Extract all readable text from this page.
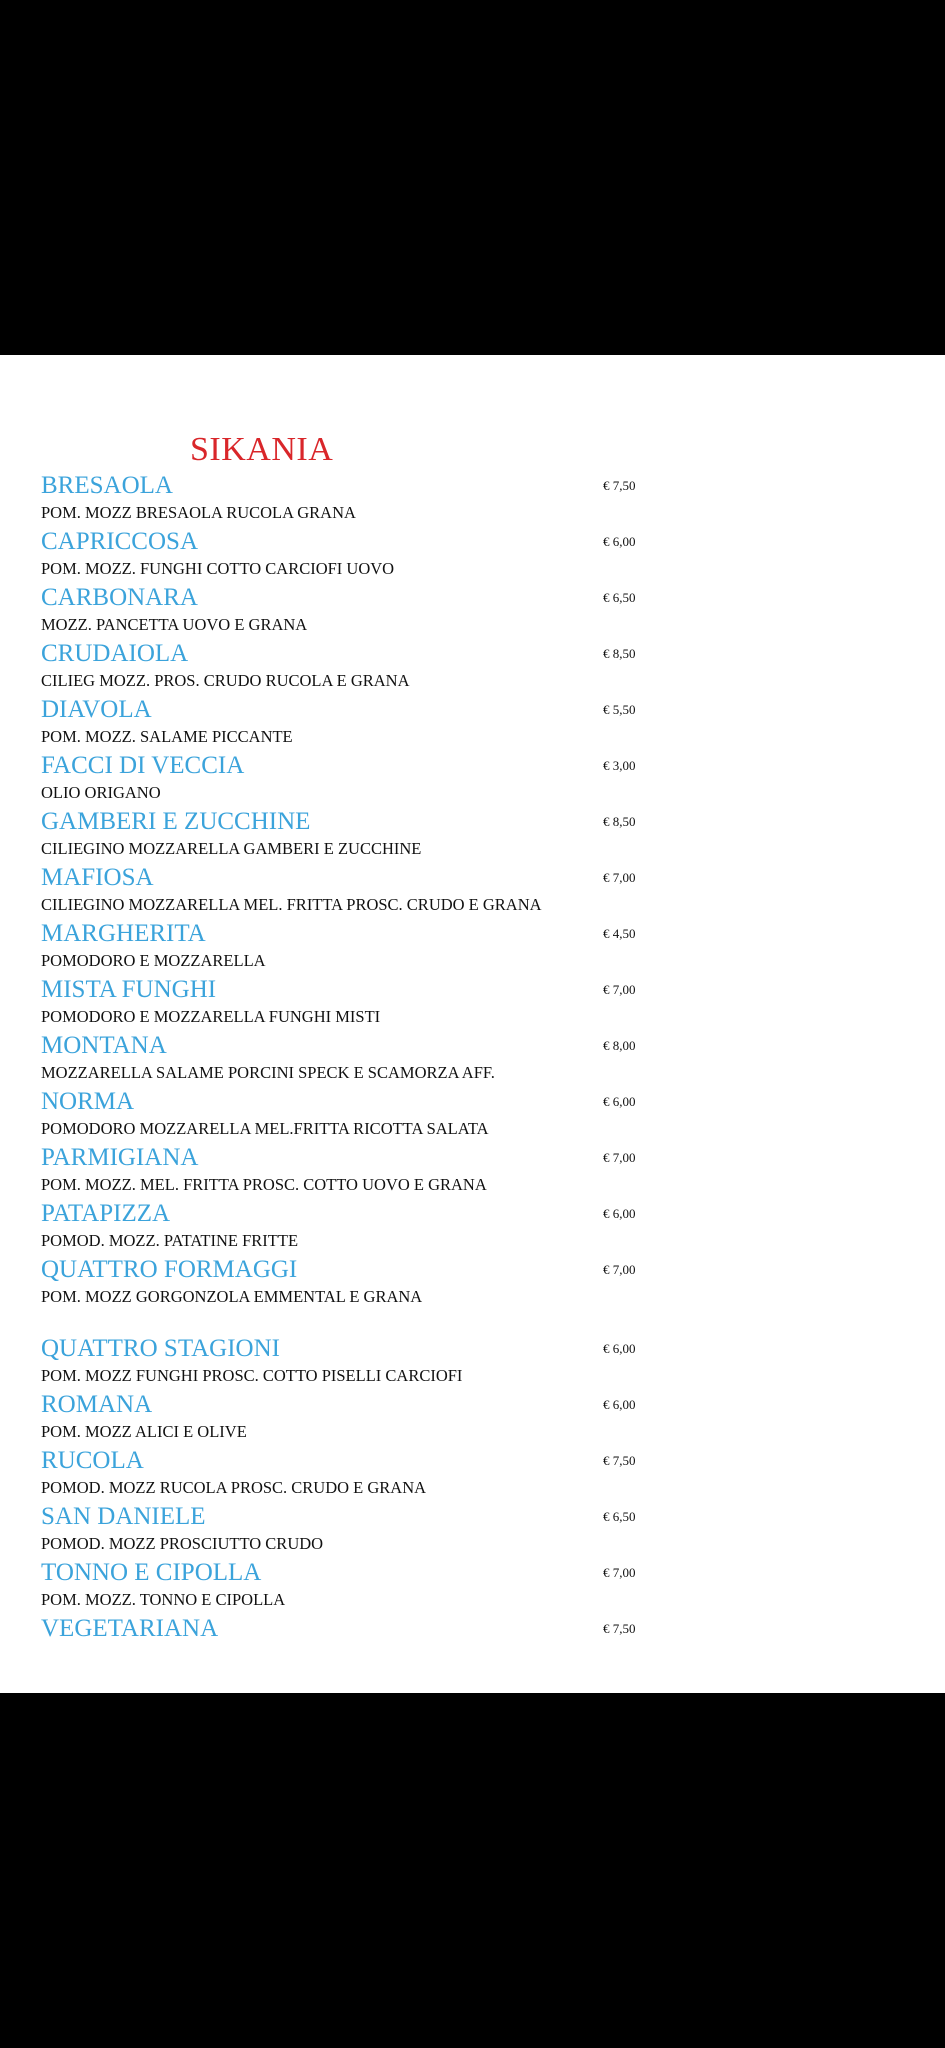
SIKANIA
BRESAOLA	€ 7,50
POM. MOZZ BRESAOLA RUCOLA GRANA
CAPRICCOSA	€ 6,00
POM. MOZZ. FUNGHI COTTO CARCIOFI UOVO
CARBONARA	€ 6,50
MOZZ. PANCETTA UOVO E GRANA
CRUDAIOLA	€ 8,50
CILIEG MOZZ. PROS. CRUDO RUCOLA E GRANA
DIAVOLA	€ 5,50
POM. MOZZ. SALAME PICCANTE
FACCI DI VECCIA	€ 3,00
OLIO ORIGANO
GAMBERI E ZUCCHINE	€ 8,50
CILIEGINO MOZZARELLA GAMBERI E ZUCCHINE
MAFIOSA	€ 7,00
CILIEGINO MOZZARELLA MEL. FRITTA PROSC. CRUDO E GRANA
MARGHERITA	€ 4,50
POMODORO E MOZZARELLA
MISTA FUNGHI	€ 7,00
POMODORO E MOZZARELLA FUNGHI MISTI
MONTANA	€ 8,00
MOZZARELLA SALAME PORCINI SPECK E SCAMORZA AFF.
NORMA	€ 6,00
POMODORO MOZZARELLA MEL.FRITTA RICOTTA SALATA
PARMIGIANA	€ 7,00
POM. MOZZ. MEL. FRITTA PROSC. COTTO UOVO E GRANA
PATAPIZZA	€ 6,00
POMOD. MOZZ. PATATINE FRITTE
QUATTRO FORMAGGI	€ 7,00
POM. MOZZ GORGONZOLA EMMENTAL E GRANA
QUATTRO STAGIONI	€ 6,00
POM. MOZZ FUNGHI PROSC. COTTO PISELLI CARCIOFI
ROMANA	€ 6,00
POM. MOZZ ALICI E OLIVE
RUCOLA	€ 7,50
POMOD. MOZZ RUCOLA PROSC. CRUDO E GRANA
SAN DANIELE	€ 6,50
POMOD. MOZZ PROSCIUTTO CRUDO
TONNO E CIPOLLA	€ 7,00
POM. MOZZ. TONNO E CIPOLLA
VEGETARIANA	€ 7,50
